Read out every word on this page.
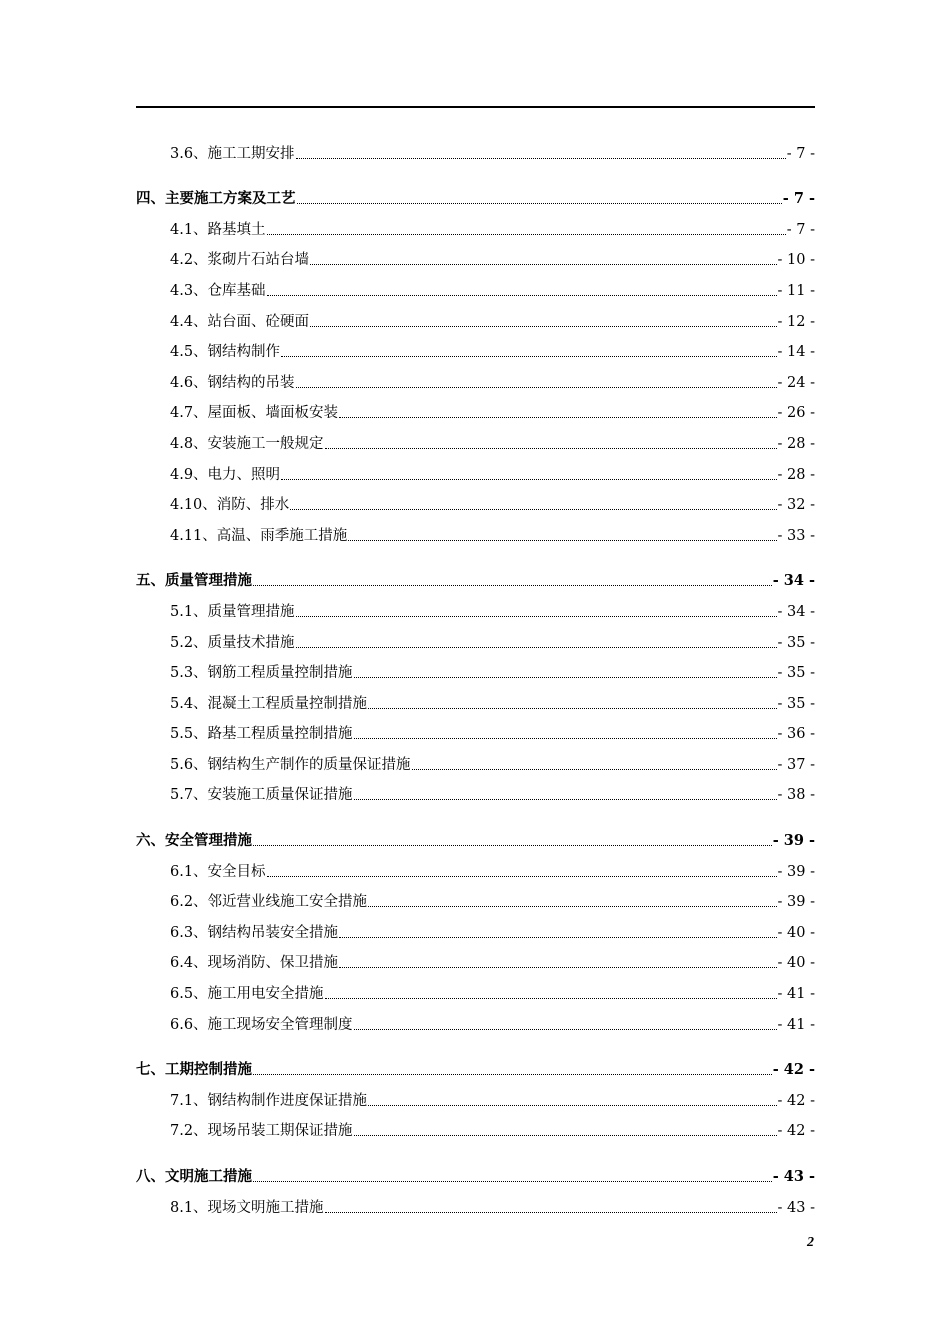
3.6、施工工期安排	- 7 -
四、主要施工方案及工艺	- 7 -
4.1、路基填土	- 7 -
4.2、浆砌片石站台墙	- 10 -
4.3、仓库基础	- 11 -
4.4、站台面、砼硬面	- 12 -
4.5、钢结构制作	- 14 -
4.6、钢结构的吊装	- 24 -
4.7、屋面板、墙面板安装	- 26 -
4.8、安装施工一般规定	- 28 -
4.9、电力、照明	- 28 -
4.10、消防、排水	- 32 -
4.11、高温、雨季施工措施	- 33 -
五、质量管理措施	- 34 -
5.1、质量管理措施	- 34 -
5.2、质量技术措施	- 35 -
5.3、钢筋工程质量控制措施	- 35 -
5.4、混凝土工程质量控制措施	- 35 -
5.5、路基工程质量控制措施	- 36 -
5.6、钢结构生产制作的质量保证措施	- 37 -
5.7、安装施工质量保证措施	- 38 -
六、安全管理措施	- 39 -
6.1、安全目标	- 39 -
6.2、邻近营业线施工安全措施	- 39 -
6.3、钢结构吊装安全措施	- 40 -
6.4、现场消防、保卫措施	- 40 -
6.5、施工用电安全措施	- 41 -
6.6、施工现场安全管理制度	- 41 -
七、工期控制措施	- 42 -
7.1、钢结构制作进度保证措施	- 42 -
7.2、现场吊装工期保证措施	- 42 -
八、文明施工措施	- 43 -
8.1、现场文明施工措施	- 43 -
2
